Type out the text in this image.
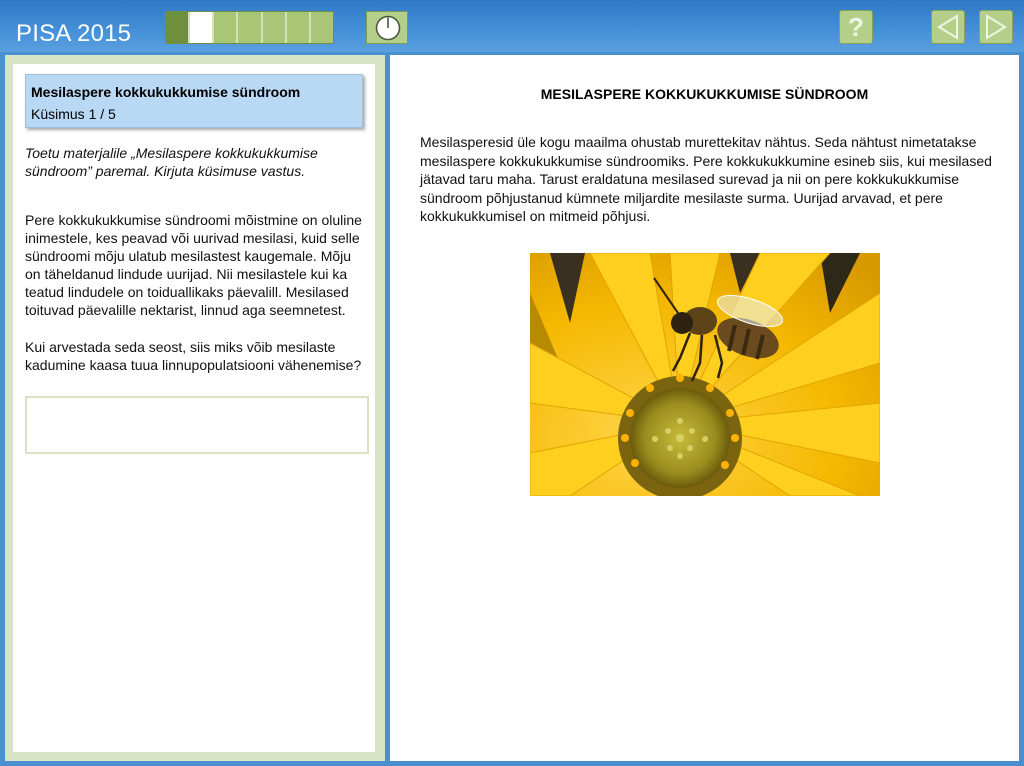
PISA 2015	?
Mesilaspere kokkukukkumise sündroom
Küsimus 1 / 5
Toetu materjalile „Mesilaspere kokkukukkumise sündroom” paremal. Kirjuta küsimuse vastus.
Pere kokkukukkumise sündroomi mõistmine on oluline inimestele, kes peavad või uurivad mesilasi, kuid selle sündroomi mõju ulatub mesilastest kaugemale. Mõju on täheldanud lindude uurijad. Nii mesilastele kui ka teatud lindudele on toiduallikaks päevalill. Mesilased toituvad päevalille nektarist, linnud aga seemnetest.
Kui arvestada seda seost, siis miks võib mesilaste kadumine kaasa tuua linnupopulatsiooni vähenemise?
MESILASPERE KOKKUKUKKUMISE SÜNDROOM
Mesilasperesid üle kogu maailma ohustab murettekitav nähtus. Seda nähtust nimetatakse mesilaspere kokkukukkumise sündroomiks. Pere kokkukukkumine esineb siis, kui mesilased jätavad taru maha. Tarust eraldatuna mesilased surevad ja nii on pere kokkukukkumise sündroom põhjustanud kümnete miljardite mesilaste surma. Uurijad arvavad, et pere kokkukukkumisel on mitmeid põhjusi.
